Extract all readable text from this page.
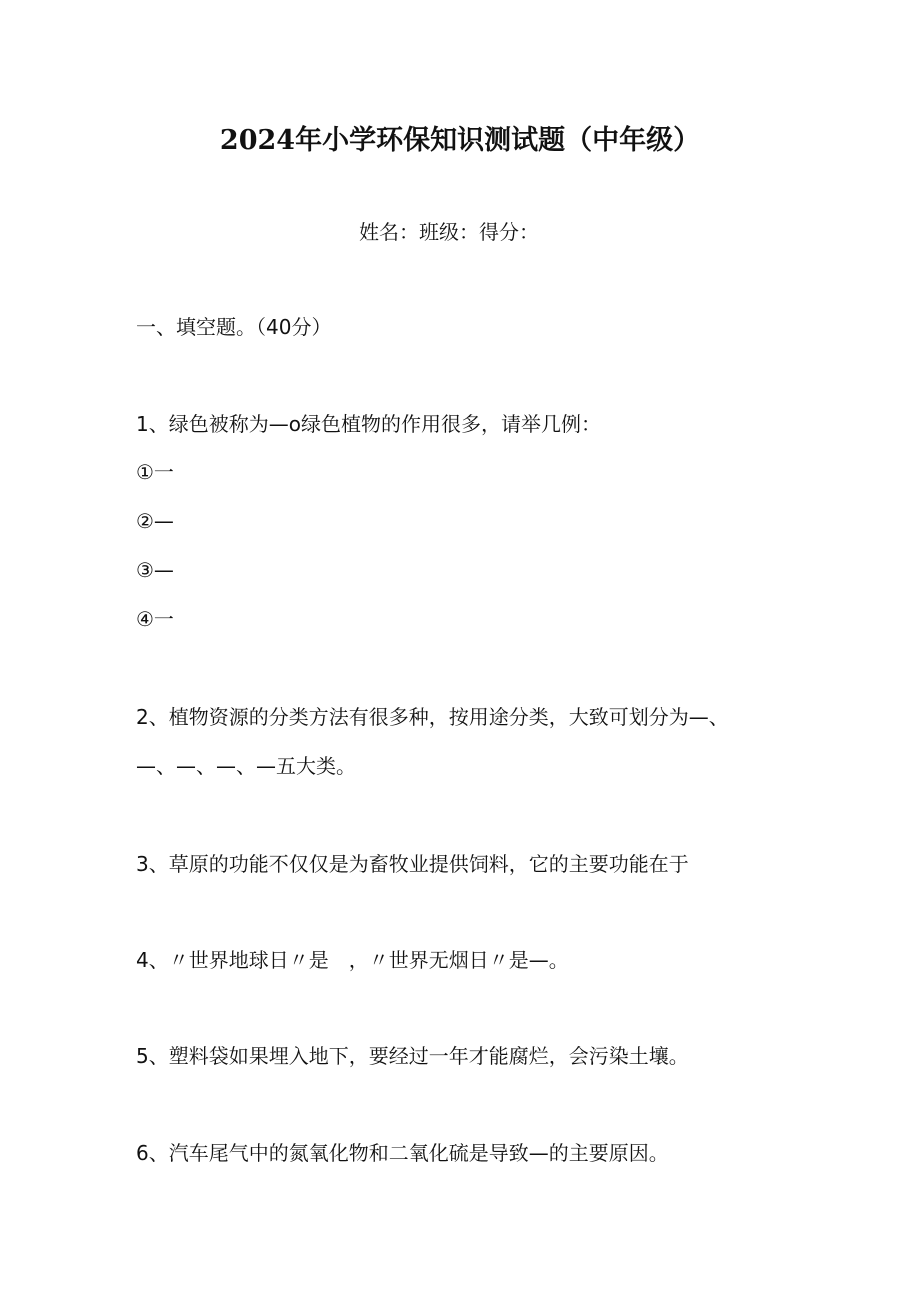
2024年小学环保知识测试题（中年级）
姓名：班级：得分：
一、填空题。（40分）
1、绿色被称为—o绿色植物的作用很多，请举几例：
①一
②—
③—
④一
2、植物资源的分类方法有很多种，按用途分类，大致可划分为—、
—、—、—、—五大类。
3、草原的功能不仅仅是为畜牧业提供饲料，它的主要功能在于
4、〃世界地球日〃是　，〃世界无烟日〃是—。
5、塑料袋如果埋入地下，要经过一年才能腐烂，会污染土壤。
6、汽车尾气中的氮氧化物和二氧化硫是导致—的主要原因。
